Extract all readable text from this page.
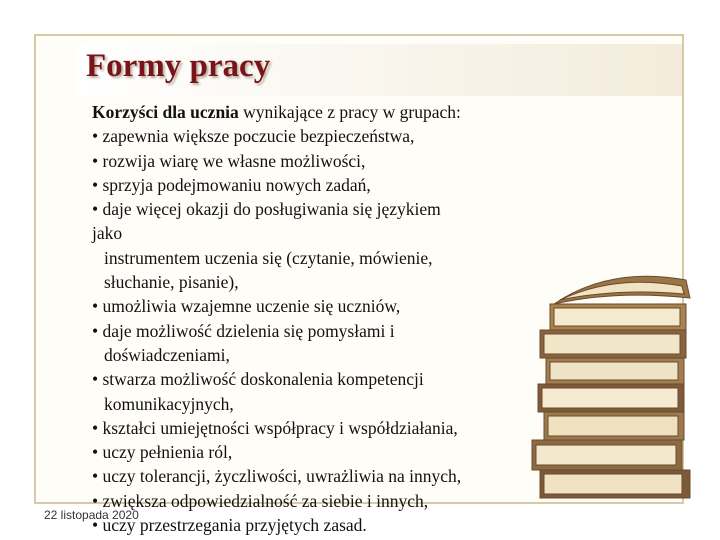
Formy pracy
Korzyści dla ucznia wynikające z pracy w grupach:
• zapewnia większe poczucie bezpieczeństwa,
• rozwija wiarę we własne możliwości,
• sprzyja podejmowaniu nowych zadań,
• daje więcej okazji do posługiwania się językiem
jako
instrumentem uczenia się (czytanie, mówienie,
słuchanie, pisanie),
• umożliwia wzajemne uczenie się uczniów,
• daje możliwość dzielenia się pomysłami i
doświadczeniami,
• stwarza możliwość doskonalenia kompetencji
komunikacyjnych,
• kształci umiejętności współpracy i współdziałania,
• uczy pełnienia ról,
• uczy tolerancji, życzliwości, uwrażliwia na innych,
• zwiększa odpowiedzialność za siebie i innych,
• uczy przestrzegania przyjętych zasad.
22 listopada 2020
